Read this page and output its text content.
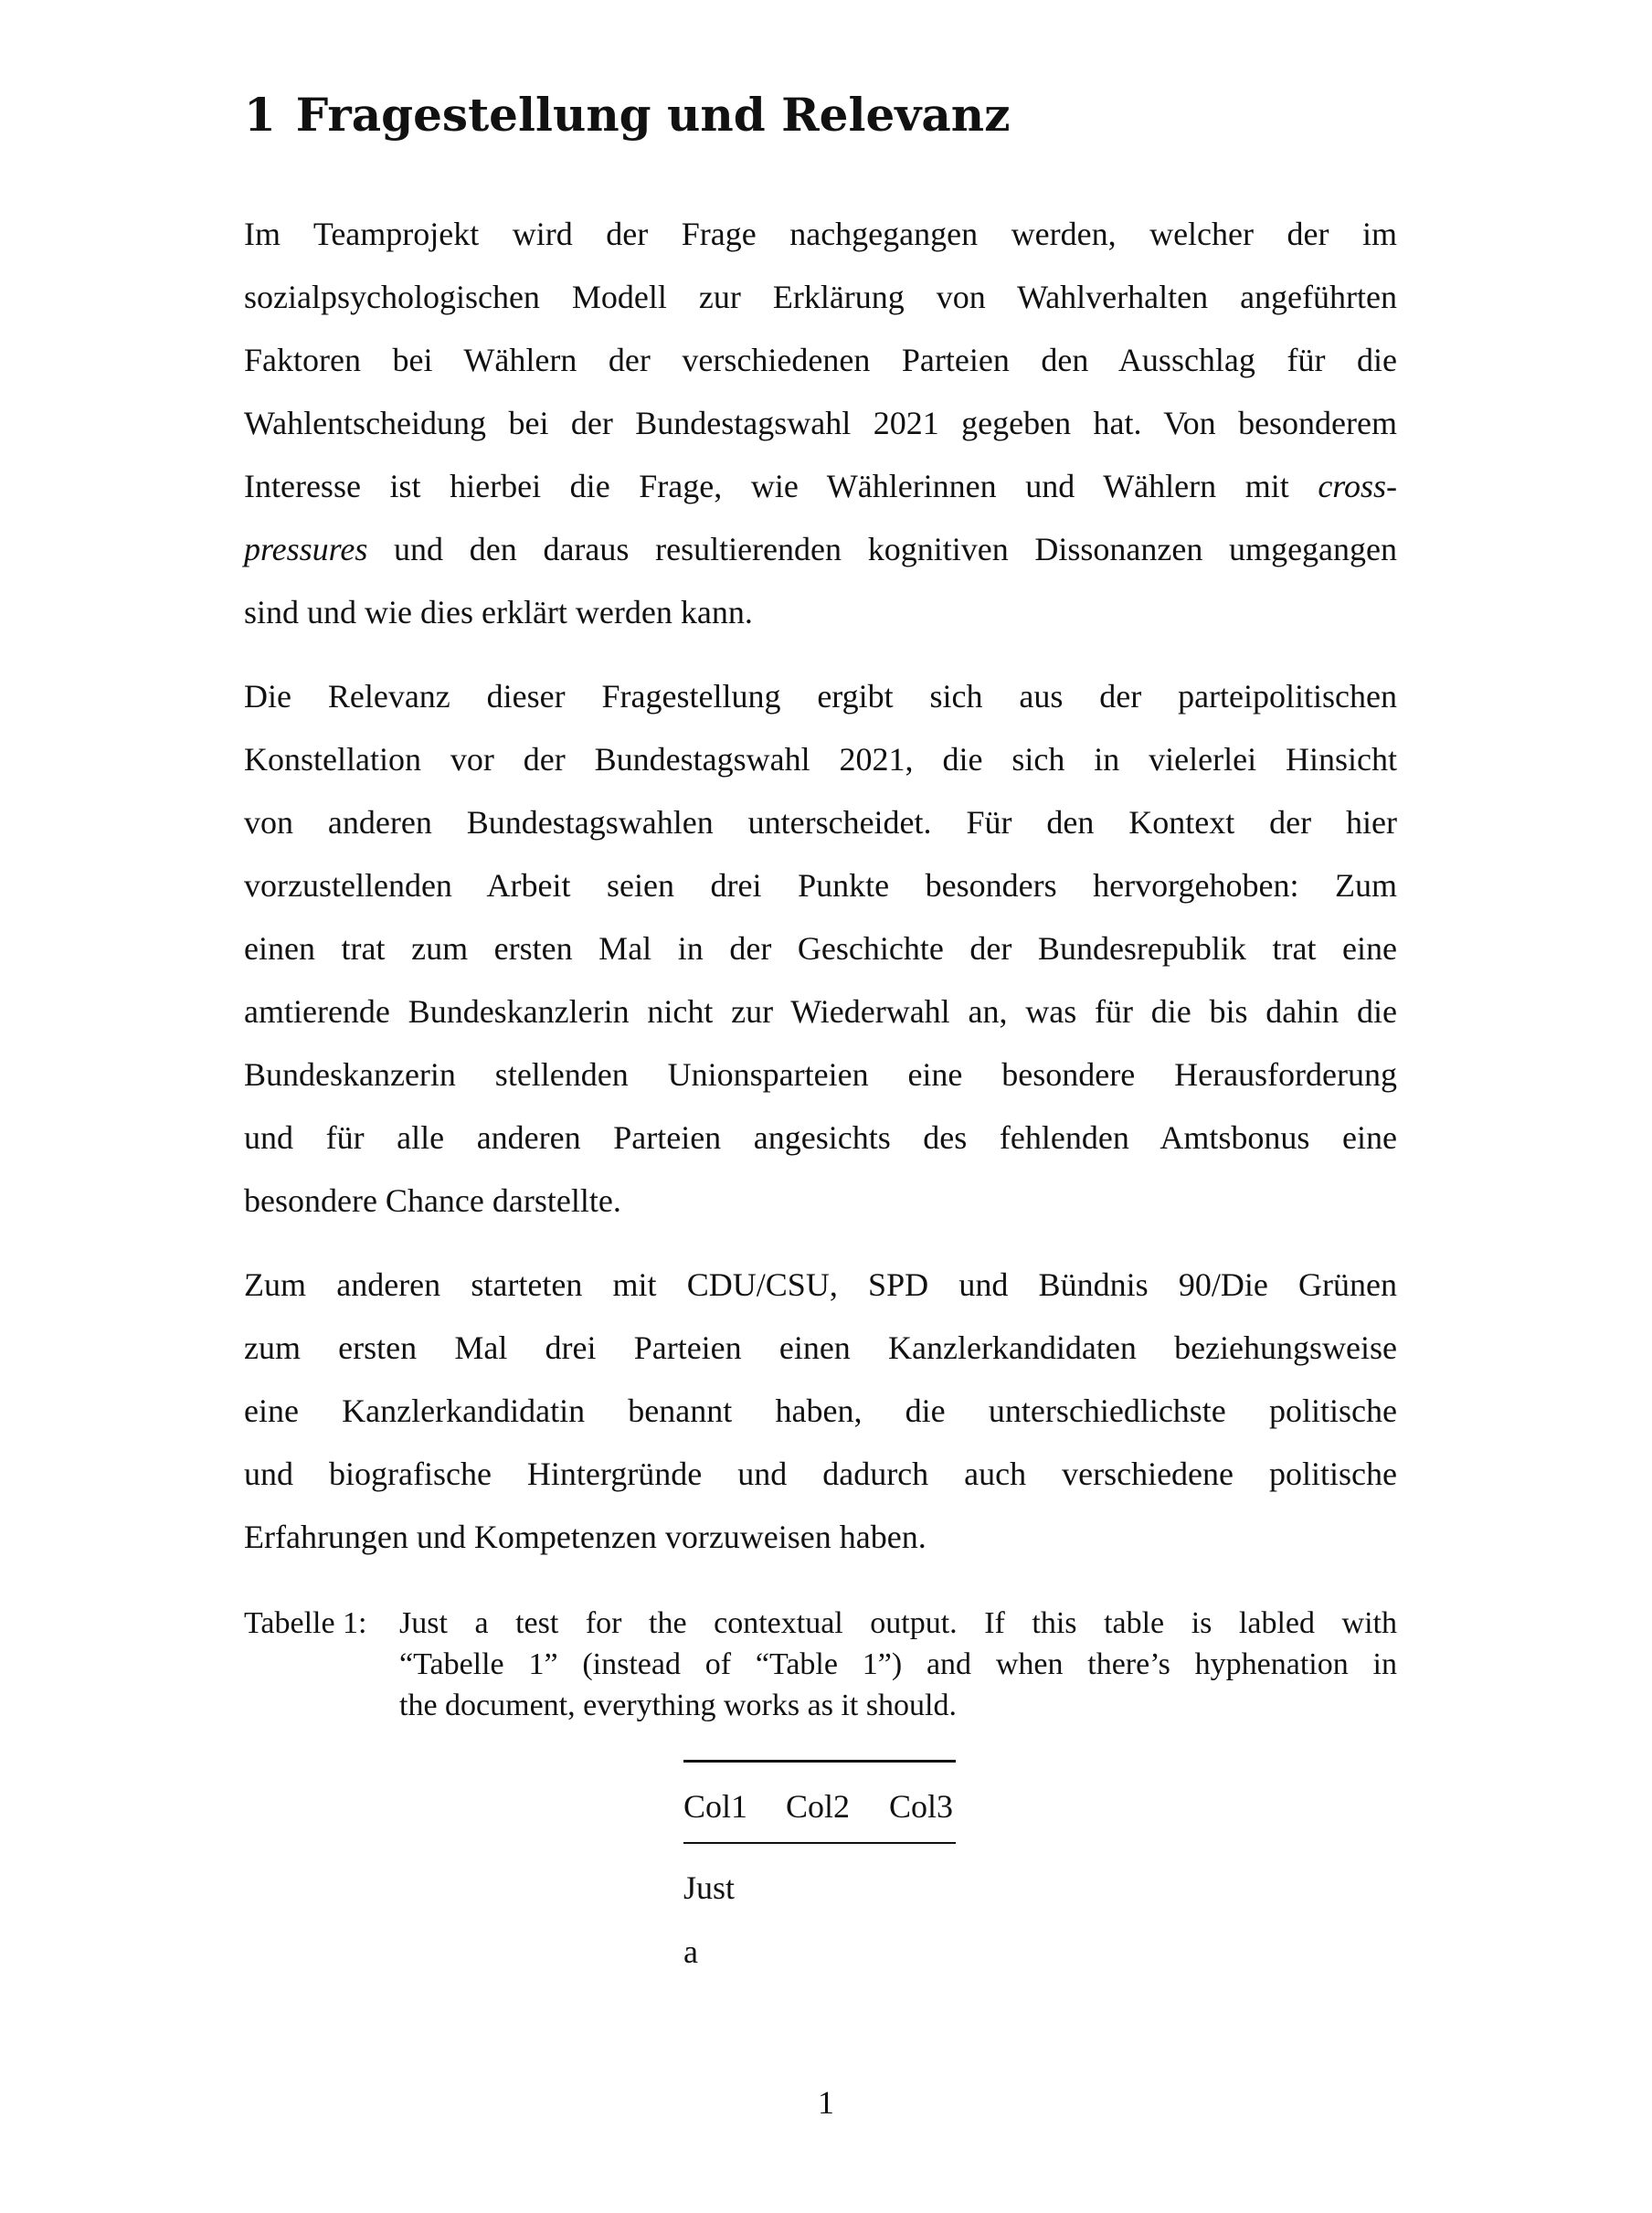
1 Fragestellung und Relevanz
Im Teamprojekt wird der Frage nachgegangen werden, welcher der im
sozialpsychologischen Modell zur Erklärung von Wahlverhalten angeführten
Faktoren bei Wählern der verschiedenen Parteien den Ausschlag für die
Wahlentscheidung bei der Bundestagswahl 2021 gegeben hat. Von besonderem
Interesse ist hierbei die Frage, wie Wählerinnen und Wählern mit cross-
pressures und den daraus resultierenden kognitiven Dissonanzen umgegangen
sind und wie dies erklärt werden kann.
Die Relevanz dieser Fragestellung ergibt sich aus der parteipolitischen
Konstellation vor der Bundestagswahl 2021, die sich in vielerlei Hinsicht
von anderen Bundestagswahlen unterscheidet. Für den Kontext der hier
vorzustellenden Arbeit seien drei Punkte besonders hervorgehoben: Zum
einen trat zum ersten Mal in der Geschichte der Bundesrepublik trat eine
amtierende Bundeskanzlerin nicht zur Wiederwahl an, was für die bis dahin die
Bundeskanzerin stellenden Unionsparteien eine besondere Herausforderung
und für alle anderen Parteien angesichts des fehlenden Amtsbonus eine
besondere Chance darstellte.
Zum anderen starteten mit CDU/CSU, SPD und Bündnis 90/Die Grünen
zum ersten Mal drei Parteien einen Kanzlerkandidaten beziehungsweise
eine Kanzlerkandidatin benannt haben, die unterschiedlichste politische
und biografische Hintergründe und dadurch auch verschiedene politische
Erfahrungen und Kompetenzen vorzuweisen haben.
Tabelle 1: Just a test for the contextual output. If this table is labled with
“Tabelle 1” (instead of “Table 1”) and when there’s hyphenation in
the document, everything works as it should.
Col1 Col2 Col3
Just
a
1
